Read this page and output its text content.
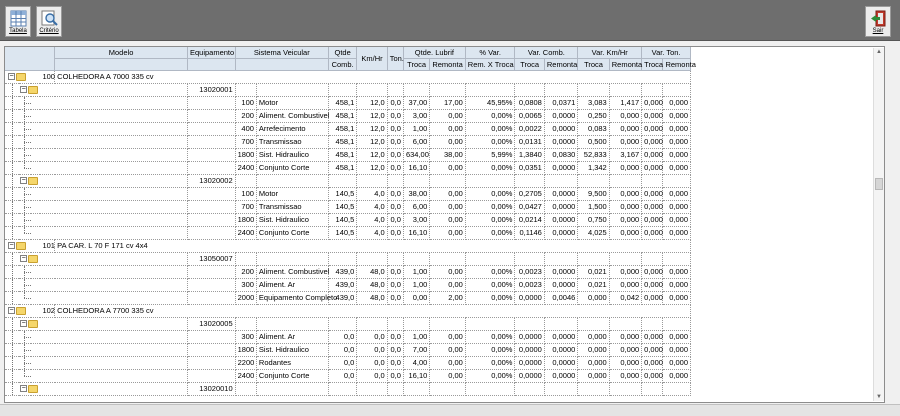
Tabela	Critério	Sair
				Modelo	Equipamento	Sistema Veicular		Qtde	Km/Hr	Ton.	Qtde. Lubrif		% Var.	Var. Comb.		Var. Km/Hr		Var. Ton.	
								Comb.			Troca	Remonta	Rem. X Troca	Troca	Remonta	Troca	Remonta	Troca	Remonta

−			100	COLHEDORA A 7000 335 cv															

	−				13020001														

					100	Motor	458,1	12,0	0,0	37,00	17,00	45,95%	0,0808	0,0371	3,083	1,417	0,000	0,000

					200	Aliment. Combustivel	458,1	12,0	0,0	3,00	0,00	0,00%	0,0065	0,0000	0,250	0,000	0,000	0,000

					400	Arrefecimento	458,1	12,0	0,0	1,00	0,00	0,00%	0,0022	0,0000	0,083	0,000	0,000	0,000

					700	Transmissao	458,1	12,0	0,0	6,00	0,00	0,00%	0,0131	0,0000	0,500	0,000	0,000	0,000

					1800	Sist. Hidraulico	458,1	12,0	0,0	634,00	38,00	5,99%	1,3840	0,0830	52,833	3,167	0,000	0,000

					2400	Conjunto Corte	458,1	12,0	0,0	16,10	0,00	0,00%	0,0351	0,0000	1,342	0,000	0,000	0,000

	−				13020002														

					100	Motor	140,5	4,0	0,0	38,00	0,00	0,00%	0,2705	0,0000	9,500	0,000	0,000	0,000

					700	Transmissao	140,5	4,0	0,0	6,00	0,00	0,00%	0,0427	0,0000	1,500	0,000	0,000	0,000

					1800	Sist. Hidraulico	140,5	4,0	0,0	3,00	0,00	0,00%	0,0214	0,0000	0,750	0,000	0,000	0,000

					2400	Conjunto Corte	140,5	4,0	0,0	16,10	0,00	0,00%	0,1146	0,0000	4,025	0,000	0,000	0,000

−			101	PA CAR. L 70 F 171 cv 4x4															

	−				13050007														

					200	Aliment. Combustivel	439,0	48,0	0,0	1,00	0,00	0,00%	0,0023	0,0000	0,021	0,000	0,000	0,000

					300	Aliment. Ar	439,0	48,0	0,0	1,00	0,00	0,00%	0,0023	0,0000	0,021	0,000	0,000	0,000

					2000	Equipamento Completo	439,0	48,0	0,0	0,00	2,00	0,00%	0,0000	0,0046	0,000	0,042	0,000	0,000

−			102	COLHEDORA A 7700 335 cv															

	−				13020005														

					300	Aliment. Ar	0,0	0,0	0,0	1,00	0,00	0,00%	0,0000	0,0000	0,000	0,000	0,000	0,000

					1800	Sist. Hidraulico	0,0	0,0	0,0	7,00	0,00	0,00%	0,0000	0,0000	0,000	0,000	0,000	0,000

					2200	Rodantes	0,0	0,0	0,0	4,00	0,00	0,00%	0,0000	0,0000	0,000	0,000	0,000	0,000

					2400	Conjunto Corte	0,0	0,0	0,0	16,10	0,00	0,00%	0,0000	0,0000	0,000	0,000	0,000	0,000

	−				13020010														
▲
▼
